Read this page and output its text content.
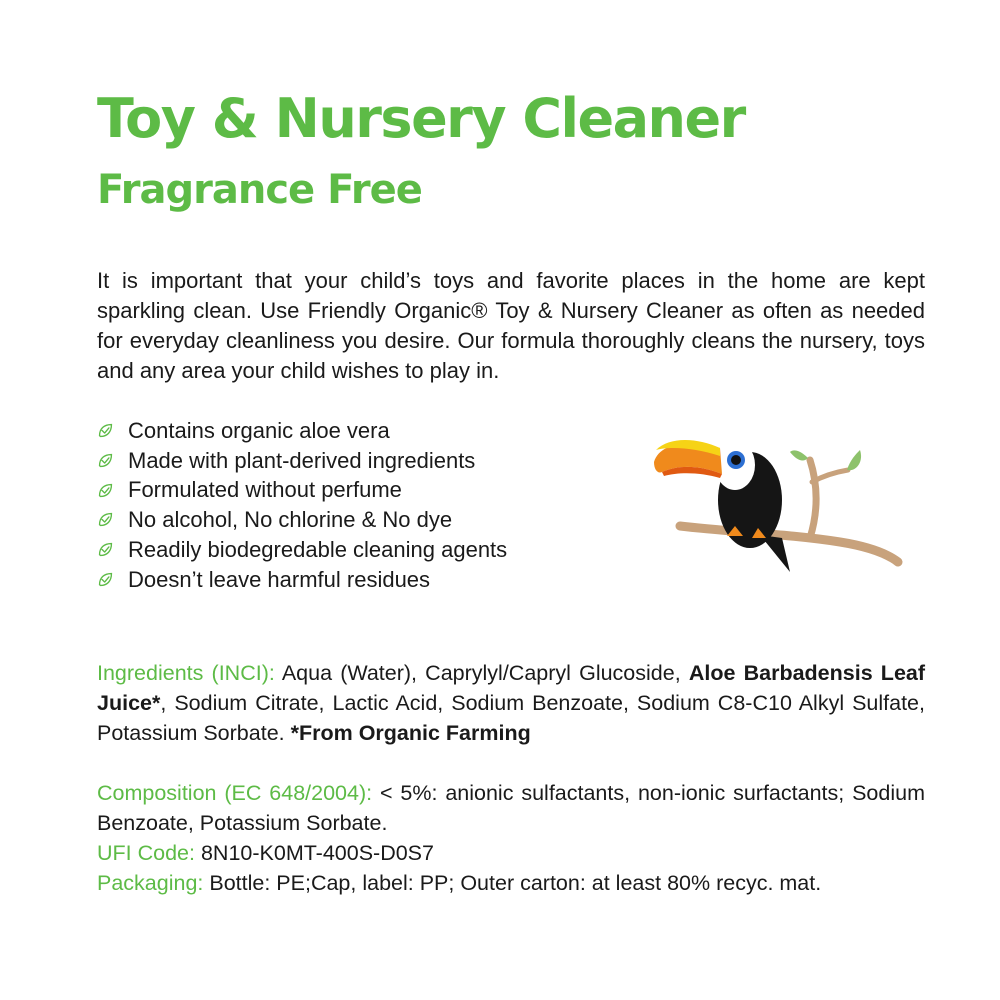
Toy & Nursery Cleaner
Fragrance Free

It is important that your child’s toys and favorite places in the home are kept sparkling clean. Use Friendly Organic® Toy & Nursery Cleaner as often as needed for everyday cleanliness you desire. Our formula thoroughly cleans the nursery, toys and any area your child wishes to play in.

Contains organic aloe vera
Made with plant-derived ingredients
Formulated without perfume
No alcohol, No chlorine & No dye
Readily biodegredable cleaning agents
Doesn’t leave harmful residues

Ingredients (INCI): Aqua (Water), Caprylyl/Capryl Glucoside, Aloe Barbadensis Leaf Juice*, Sodium Citrate, Lactic Acid, Sodium Benzoate, Sodium C8-C10 Alkyl Sulfate, Potassium Sorbate. *From Organic Farming

Composition (EC 648/2004): < 5%: anionic sulfactants, non-ionic surfactants; Sodium Benzoate, Potassium Sorbate.

UFI Code: 8N10-K0MT-400S-D0S7

Packaging: Bottle: PE;Cap, label: PP; Outer carton: at least 80% recyc. mat.
